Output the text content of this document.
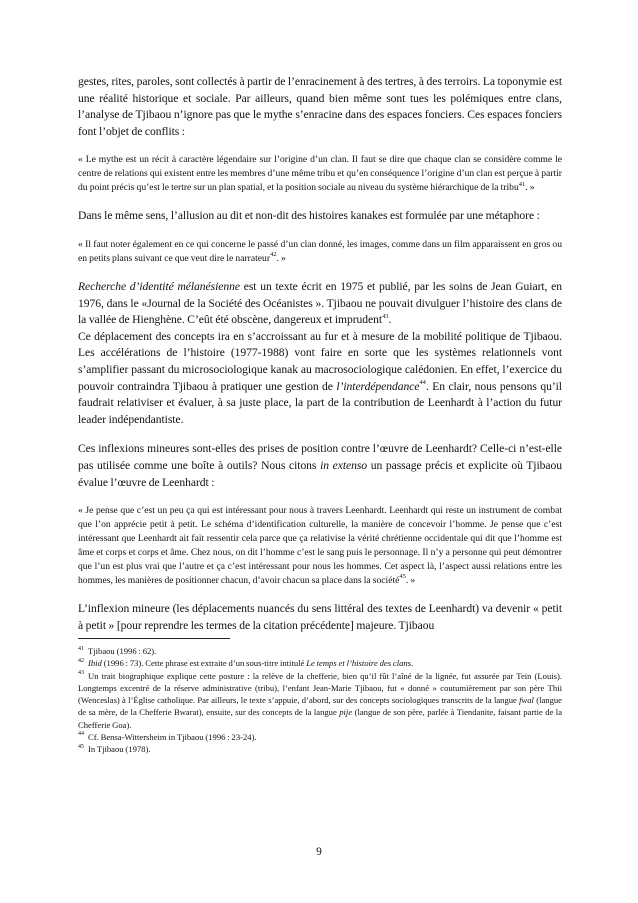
gestes, rites, paroles, sont collectés à partir de l’enracinement à des tertres, à des terroirs. La toponymie est une réalité historique et sociale. Par ailleurs, quand bien même sont tues les polémiques entre clans, l’analyse de Tjibaou n’ignore pas que le mythe s’enracine dans des espaces fonciers. Ces espaces fonciers font l’objet de conflits :

« Le mythe est un récit à caractère légendaire sur l’origine d’un clan. Il faut se dire que chaque clan se considère comme le centre de relations qui existent entre les membres d’une même tribu et qu’en conséquence l’origine d’un clan est perçue à partir du point précis qu’est le tertre sur un plan spatial, et la position sociale au niveau du système hiérarchique de la tribu$^{41}$. »

Dans le même sens, l’allusion au dit et non-dit des histoires kanakes est formulée par une métaphore :

« Il faut noter également en ce qui concerne le passé d’un clan donné, les images, comme dans un film apparaissent en gros ou en petits plans suivant ce que veut dire le narrateur$^{42}$. »

Recherche d’identité mélanésienne est un texte écrit en 1975 et publié, par les soins de Jean Guiart, en 1976, dans le «Journal de la Société des Océanistes ». Tjibaou ne pouvait divulguer l’histoire des clans de la vallée de Hienghène. C’eût été obscène, dangereux et imprudent$^{43}$.

Ce déplacement des concepts ira en s’accroissant au fur et à mesure de la mobilité politique de Tjibaou. Les accélérations de l’histoire (1977-1988) vont faire en sorte que les systèmes relationnels vont s’amplifier passant du microsociologique kanak au macrosociologique calédonien. En effet, l’exercice du pouvoir contraindra Tjibaou à pratiquer une gestion de l’interdépendance$^{44}$. En clair, nous pensons qu’il faudrait relativiser et évaluer, à sa juste place, la part de la contribution de Leenhardt à l’action du futur leader indépendantiste.

Ces inflexions mineures sont-elles des prises de position contre l’œuvre de Leenhardt? Celle-ci n’est-elle pas utilisée comme une boîte à outils? Nous citons in extenso un passage précis et explicite où Tjibaou évalue l’œuvre de Leenhardt :

« Je pense que c’est un peu ça qui est intéressant pour nous à travers Leenhardt. Leenhardt qui reste un instrument de combat que l’on apprécie petit à petit. Le schéma d’identification culturelle, la manière de concevoir l’homme. Je pense que c’est intéressant que Leenhardt ait fait ressentir cela parce que ça relativise la vérité chrétienne occidentale qui dit que l’homme est âme et corps et corps et âme. Chez nous, on dit l’homme c’est le sang puis le personnage. Il n’y a personne qui peut démontrer que l’un est plus vrai que l’autre et ça c’est intéressant pour nous les hommes. Cet aspect là, l’aspect aussi relations entre les hommes, les manières de positionner chacun, d’avoir chacun sa place dans la société$^{45}$. »

L’inflexion mineure (les déplacements nuancés du sens littéral des textes de Leenhardt) va devenir « petit à petit » [pour reprendre les termes de la citation précédente] majeure. Tjibaou

$^{41}$ Tjibaou (1996 : 62).

$^{42}$ Ibid (1996 : 73). Cette phrase est extraite d’un sous-titre intitulé Le temps et l’histoire des clans.

$^{43}$ Un trait biographique explique cette posture : la relève de la chefferie, bien qu’il fût l’aîné de la lignée, fut assurée par Tein (Louis). Longtemps excentré de la réserve administrative (tribu), l’enfant Jean-Marie Tjibaou, fut « donné » coutumièrement par son père Thii (Wenceslas) à l’Église catholique. Par ailleurs, le texte s’appuie, d’abord, sur des concepts sociologiques transcrits de la langue fwal (langue de sa mère, de la Chefferie Bwarat), ensuite, sur des concepts de la langue pije (langue de son père, parlée à Tiendanite, faisant partie de la Chefferie Goa).

$^{44}$ Cf. Bensa-Wittersheim in Tjibaou (1996 : 23-24).

$^{45}$ In Tjibaou (1978).

9
